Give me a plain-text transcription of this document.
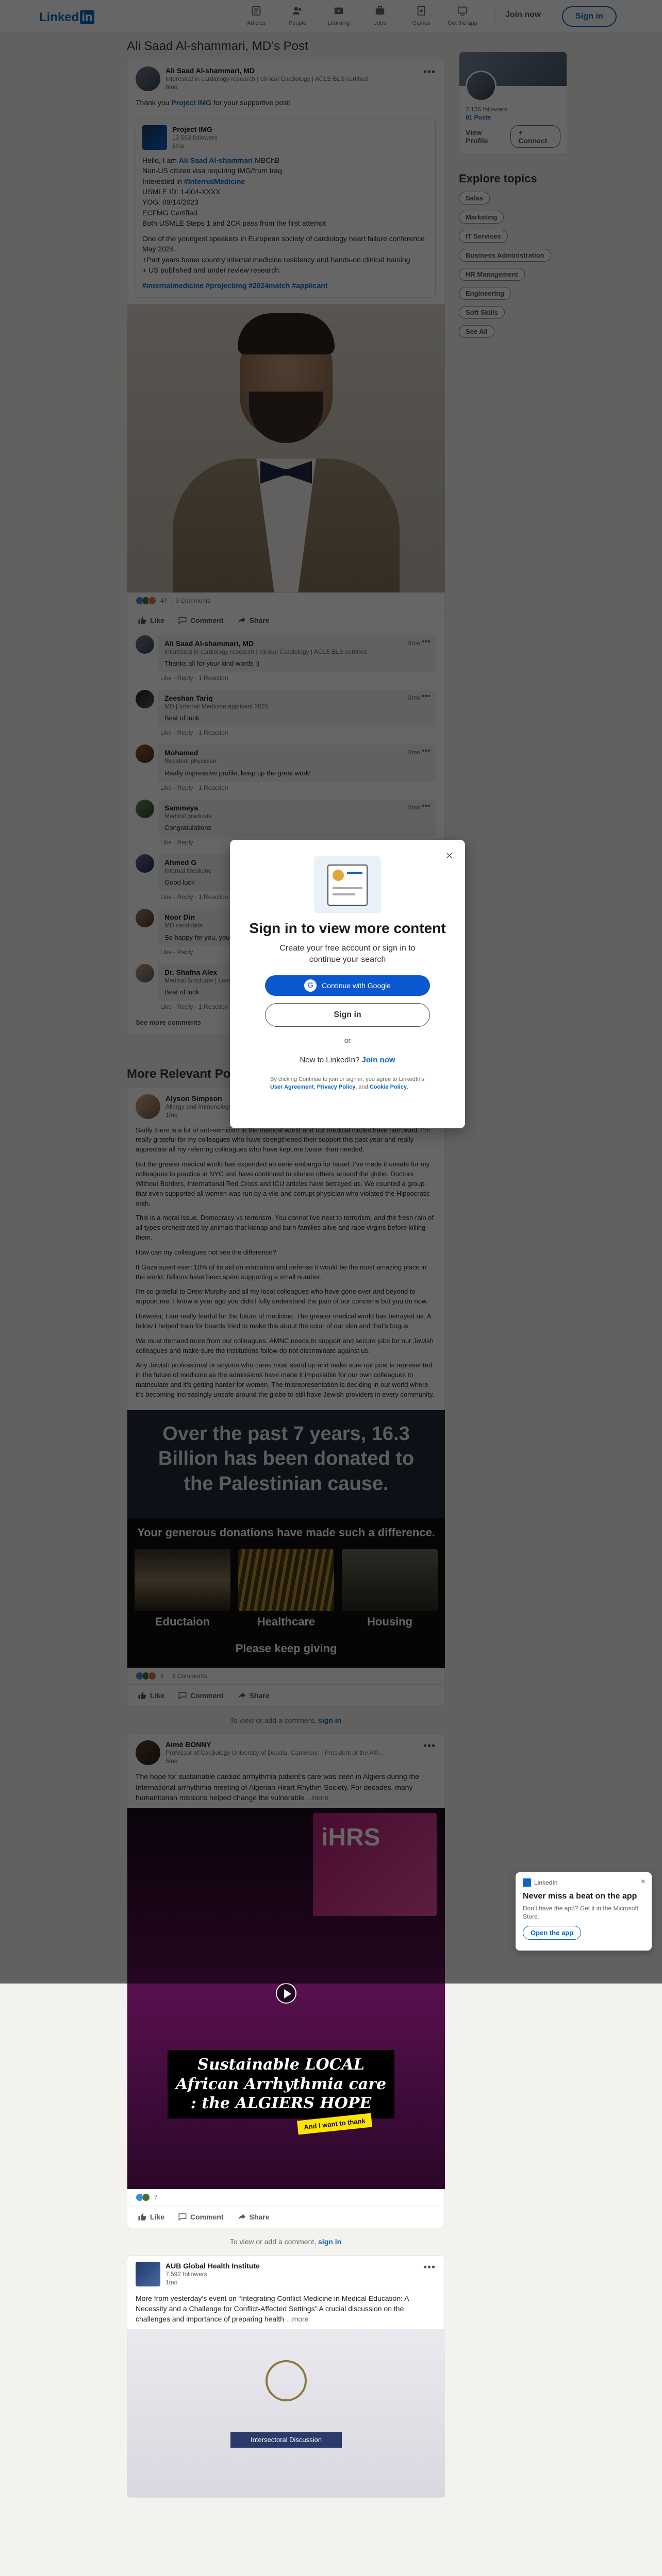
Sustainable LOCAL African Arrhythmia care : the ALGIERS HOPE
And I want to thank
7
Like	Comment	Share
To view or add a comment, sign in
AUB Global Health Institute
7,592 followers
1mo
•••
More from yesterday’s event on “Integrating Conflict Medicine in Medical Education: A Necessity and a Challenge for Conflict-Affected Settings” A crucial discussion on the challenges and importance of preparing health ...more
Intersectoral Discussion
×
Sign in to view more content
Create your free account or sign in to continue your search
G	Continue with Google
Sign in
or
New to LinkedIn? Join now
By clicking Continue to join or sign in, you agree to LinkedIn’s User Agreement, Privacy Policy, and Cookie Policy.
LinkedIn	×
Never miss a beat on the app
Don’t have the app? Get it in the Microsoft Store.
Open the app
